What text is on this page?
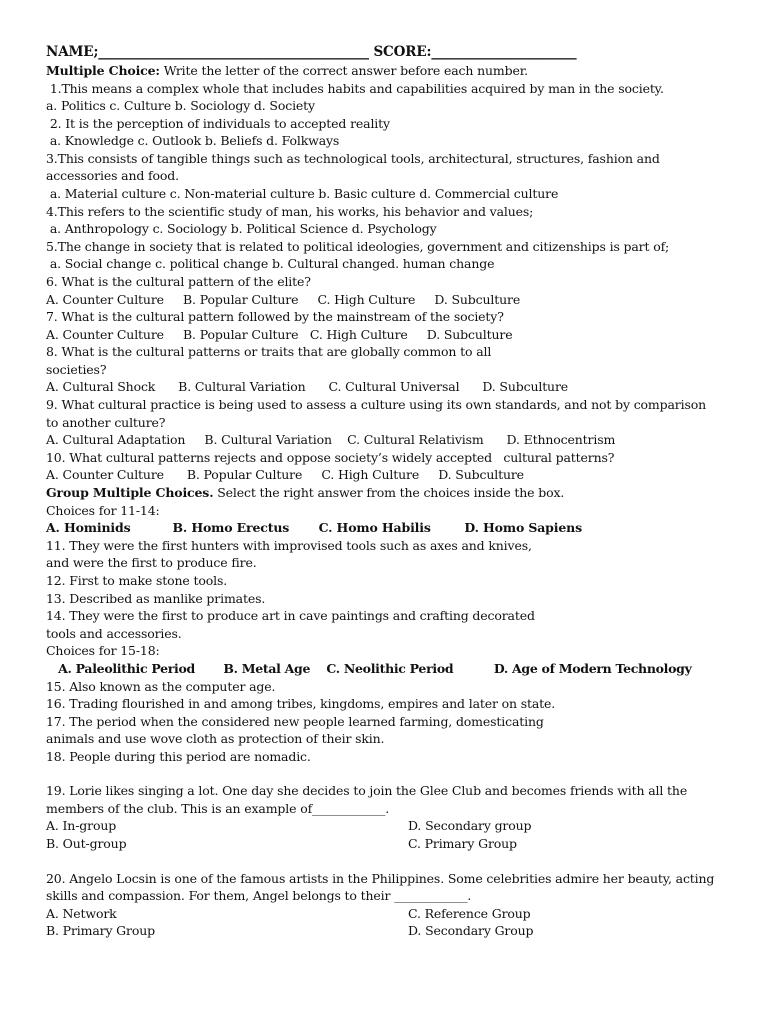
NAME;_________________________________________ SCORE:______________________
Multiple Choice: Write the letter of the correct answer before each number.
1.This means a complex whole that includes habits and capabilities acquired by man in the society.
a. Politics c. Culture b. Sociology d. Society
2. It is the perception of individuals to accepted reality
a. Knowledge c. Outlook b. Beliefs d. Folkways
3.This consists of tangible things such as technological tools, architectural, structures, fashion and
accessories and food.
a. Material culture c. Non-material culture b. Basic culture d. Commercial culture
4.This refers to the scientific study of man, his works, his behavior and values;
a. Anthropology c. Sociology b. Political Science d. Psychology
5.The change in society that is related to political ideologies, government and citizenships is part of;
a. Social change c. political change b. Cultural changed. human change
6. What is the cultural pattern of the elite?
A. Counter Culture     B. Popular Culture     C. High Culture     D. Subculture
7. What is the cultural pattern followed by the mainstream of the society?
A. Counter Culture     B. Popular Culture   C. High Culture     D. Subculture
8. What is the cultural patterns or traits that are globally common to all
societies?
A. Cultural Shock      B. Cultural Variation      C. Cultural Universal      D. Subculture
9. What cultural practice is being used to assess a culture using its own standards, and not by comparison
to another culture?
A. Cultural Adaptation     B. Cultural Variation    C. Cultural Relativism      D. Ethnocentrism
10. What cultural patterns rejects and oppose society’s widely accepted   cultural patterns?
A. Counter Culture      B. Popular Culture     C. High Culture     D. Subculture
Group Multiple Choices. Select the right answer from the choices inside the box.
Choices for 11-14:
A. Hominids          B. Homo Erectus       C. Homo Habilis        D. Homo Sapiens
11. They were the first hunters with improvised tools such as axes and knives,
and were the first to produce fire.
12. First to make stone tools.
13. Described as manlike primates.
14. They were the first to produce art in cave paintings and crafting decorated
tools and accessories.
Choices for 15-18:
A. Paleolithic Period       B. Metal Age    C. Neolithic Period          D. Age of Modern Technology
15. Also known as the computer age.
16. Trading flourished in and among tribes, kingdoms, empires and later on state.
17. The period when the considered new people learned farming, domesticating
animals and use wove cloth as protection of their skin.
18. People during this period are nomadic.
19. Lorie likes singing a lot. One day she decides to join the Glee Club and becomes friends with all the
members of the club. This is an example of____________.
A. In-group	D. Secondary group
B. Out-group	C. Primary Group
20. Angelo Locsin is one of the famous artists in the Philippines. Some celebrities admire her beauty, acting
skills and compassion. For them, Angel belongs to their ____________.
A. Network	C. Reference Group
B. Primary Group	D. Secondary Group
